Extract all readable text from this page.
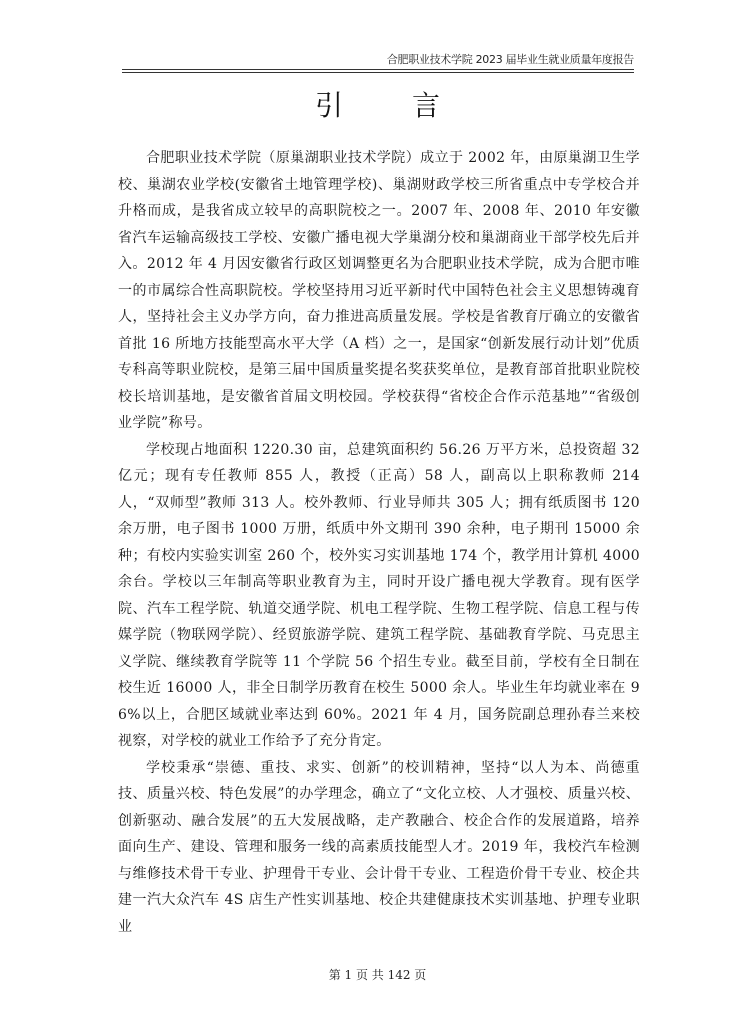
合肥职业技术学院 2023 届毕业生就业质量年度报告
引 言

合肥职业技术学院（原巢湖职业技术学院）成立于 2002 年，由原巢湖卫生学校、巢湖农业学校(安徽省土地管理学校)、巢湖财政学校三所省重点中专学校合并升格而成，是我省成立较早的高职院校之一。2007 年、2008 年、2010 年安徽省汽车运输高级技工学校、安徽广播电视大学巢湖分校和巢湖商业干部学校先后并入。2012 年 4 月因安徽省行政区划调整更名为合肥职业技术学院，成为合肥市唯一的市属综合性高职院校。学校坚持用习近平新时代中国特色社会主义思想铸魂育人，坚持社会主义办学方向，奋力推进高质量发展。学校是省教育厅确立的安徽省首批 16 所地方技能型高水平大学（A 档）之一，是国家“创新发展行动计划”优质专科高等职业院校，是第三届中国质量奖提名奖获奖单位，是教育部首批职业院校校长培训基地，是安徽省首届文明校园。学校获得“省校企合作示范基地”“省级创业学院”称号。

学校现占地面积 1220.30 亩，总建筑面积约 56.26 万平方米，总投资超 32 亿元；现有专任教师 855 人，教授（正高）58 人，副高以上职称教师 214 人，“双师型”教师 313 人。校外教师、行业导师共 305 人；拥有纸质图书 120 余万册，电子图书 1000 万册，纸质中外文期刊 390 余种，电子期刊 15000 余种；有校内实验实训室 260 个，校外实习实训基地 174 个，教学用计算机 4000 余台。学校以三年制高等职业教育为主，同时开设广播电视大学教育。现有医学院、汽车工程学院、轨道交通学院、机电工程学院、生物工程学院、信息工程与传媒学院（物联网学院）、经贸旅游学院、建筑工程学院、基础教育学院、马克思主义学院、继续教育学院等 11 个学院 56 个招生专业。截至目前，学校有全日制在校生近 16000 人，非全日制学历教育在校生 5000 余人。毕业生年均就业率在 96%以上，合肥区域就业率达到 60%。2021 年 4 月，国务院副总理孙春兰来校视察，对学校的就业工作给予了充分肯定。

学校秉承“崇德、重技、求实、创新”的校训精神，坚持“以人为本、尚德重技、质量兴校、特色发展”的办学理念，确立了“文化立校、人才强校、质量兴校、创新驱动、融合发展”的五大发展战略，走产教融合、校企合作的发展道路，培养面向生产、建设、管理和服务一线的高素质技能型人才。2019 年，我校汽车检测与维修技术骨干专业、护理骨干专业、会计骨干专业、工程造价骨干专业、校企共建一汽大众汽车 4S 店生产性实训基地、校企共建健康技术实训基地、护理专业职业

第 1 页 共 142 页
